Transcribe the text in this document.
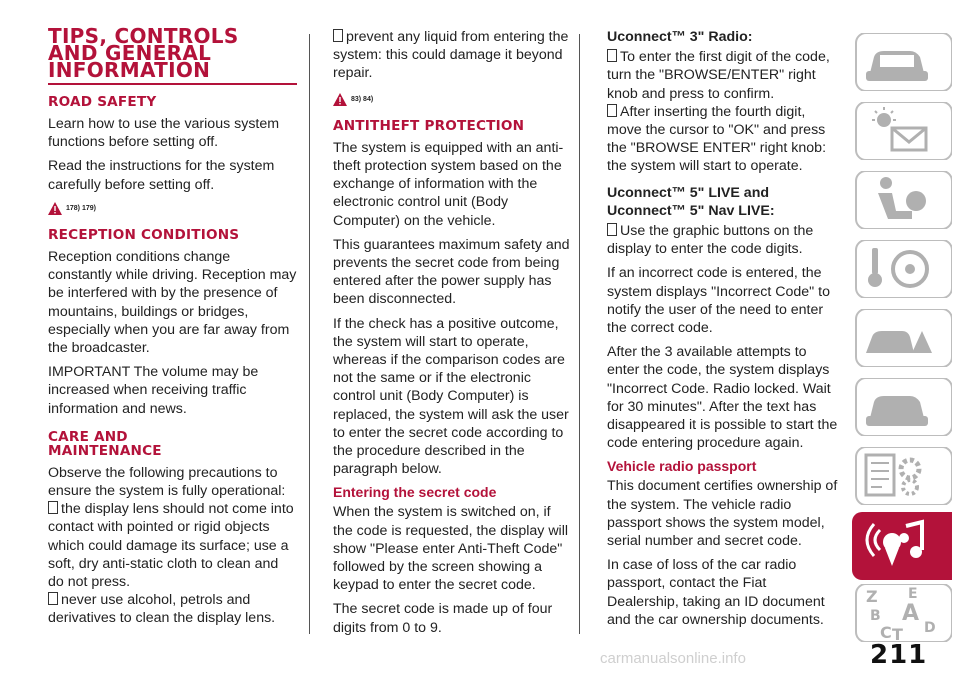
TIPS, CONTROLS
AND GENERAL
INFORMATION
ROAD SAFETY

Learn how to use the various system functions before setting off.

Read the instructions for the system carefully before setting off.

178) 179)
RECEPTION CONDITIONS

Reception conditions change constantly while driving. Reception may be interfered with by the presence of mountains, buildings or bridges, especially when you are far away from the broadcaster.

IMPORTANT The volume may be increased when receiving traffic information and news.

CARE AND
MAINTENANCE

Observe the following precautions to ensure the system is fully operational:

the display lens should not come into contact with pointed or rigid objects which could damage its surface; use a soft, dry anti-static cloth to clean and do not press.
never use alcohol, petrols and derivatives to clean the display lens.
prevent any liquid from entering the system: this could damage it beyond repair.
83) 84)
ANTITHEFT PROTECTION

The system is equipped with an anti-theft protection system based on the exchange of information with the electronic control unit (Body Computer) on the vehicle.

This guarantees maximum safety and prevents the secret code from being entered after the power supply has been disconnected.

If the check has a positive outcome, the system will start to operate, whereas if the comparison codes are not the same or if the electronic control unit (Body Computer) is replaced, the system will ask the user to enter the secret code according to the procedure described in the paragraph below.

Entering the secret code

When the system is switched on, if the code is requested, the display will show "Please enter Anti-Theft Code" followed by the screen showing a keypad to enter the secret code.

The secret code is made up of four digits from 0 to 9.

Uconnect™ 3" Radio:
To enter the first digit of the code, turn the "BROWSE/ENTER" right knob and press to confirm.
After inserting the fourth digit, move the cursor to "OK" and press the "BROWSE ENTER" right knob: the system will start to operate.
Uconnect™ 5" LIVE and
Uconnect™ 5" Nav LIVE:
Use the graphic buttons on the display to enter the code digits.

If an incorrect code is entered, the system displays "Incorrect Code" to notify the user of the need to enter the correct code.

After the 3 available attempts to enter the code, the system displays "Incorrect Code. Radio locked. Wait for 30 minutes". After the text has disappeared it is possible to start the code entering procedure again.

Vehicle radio passport

This document certifies ownership of the system. The vehicle radio passport shows the system model, serial number and secret code.

In case of loss of the car radio passport, contact the Fiat Dealership, taking an ID document and the car ownership documents.

Z E
B A
C D
T
211
carmanualsonline.info
